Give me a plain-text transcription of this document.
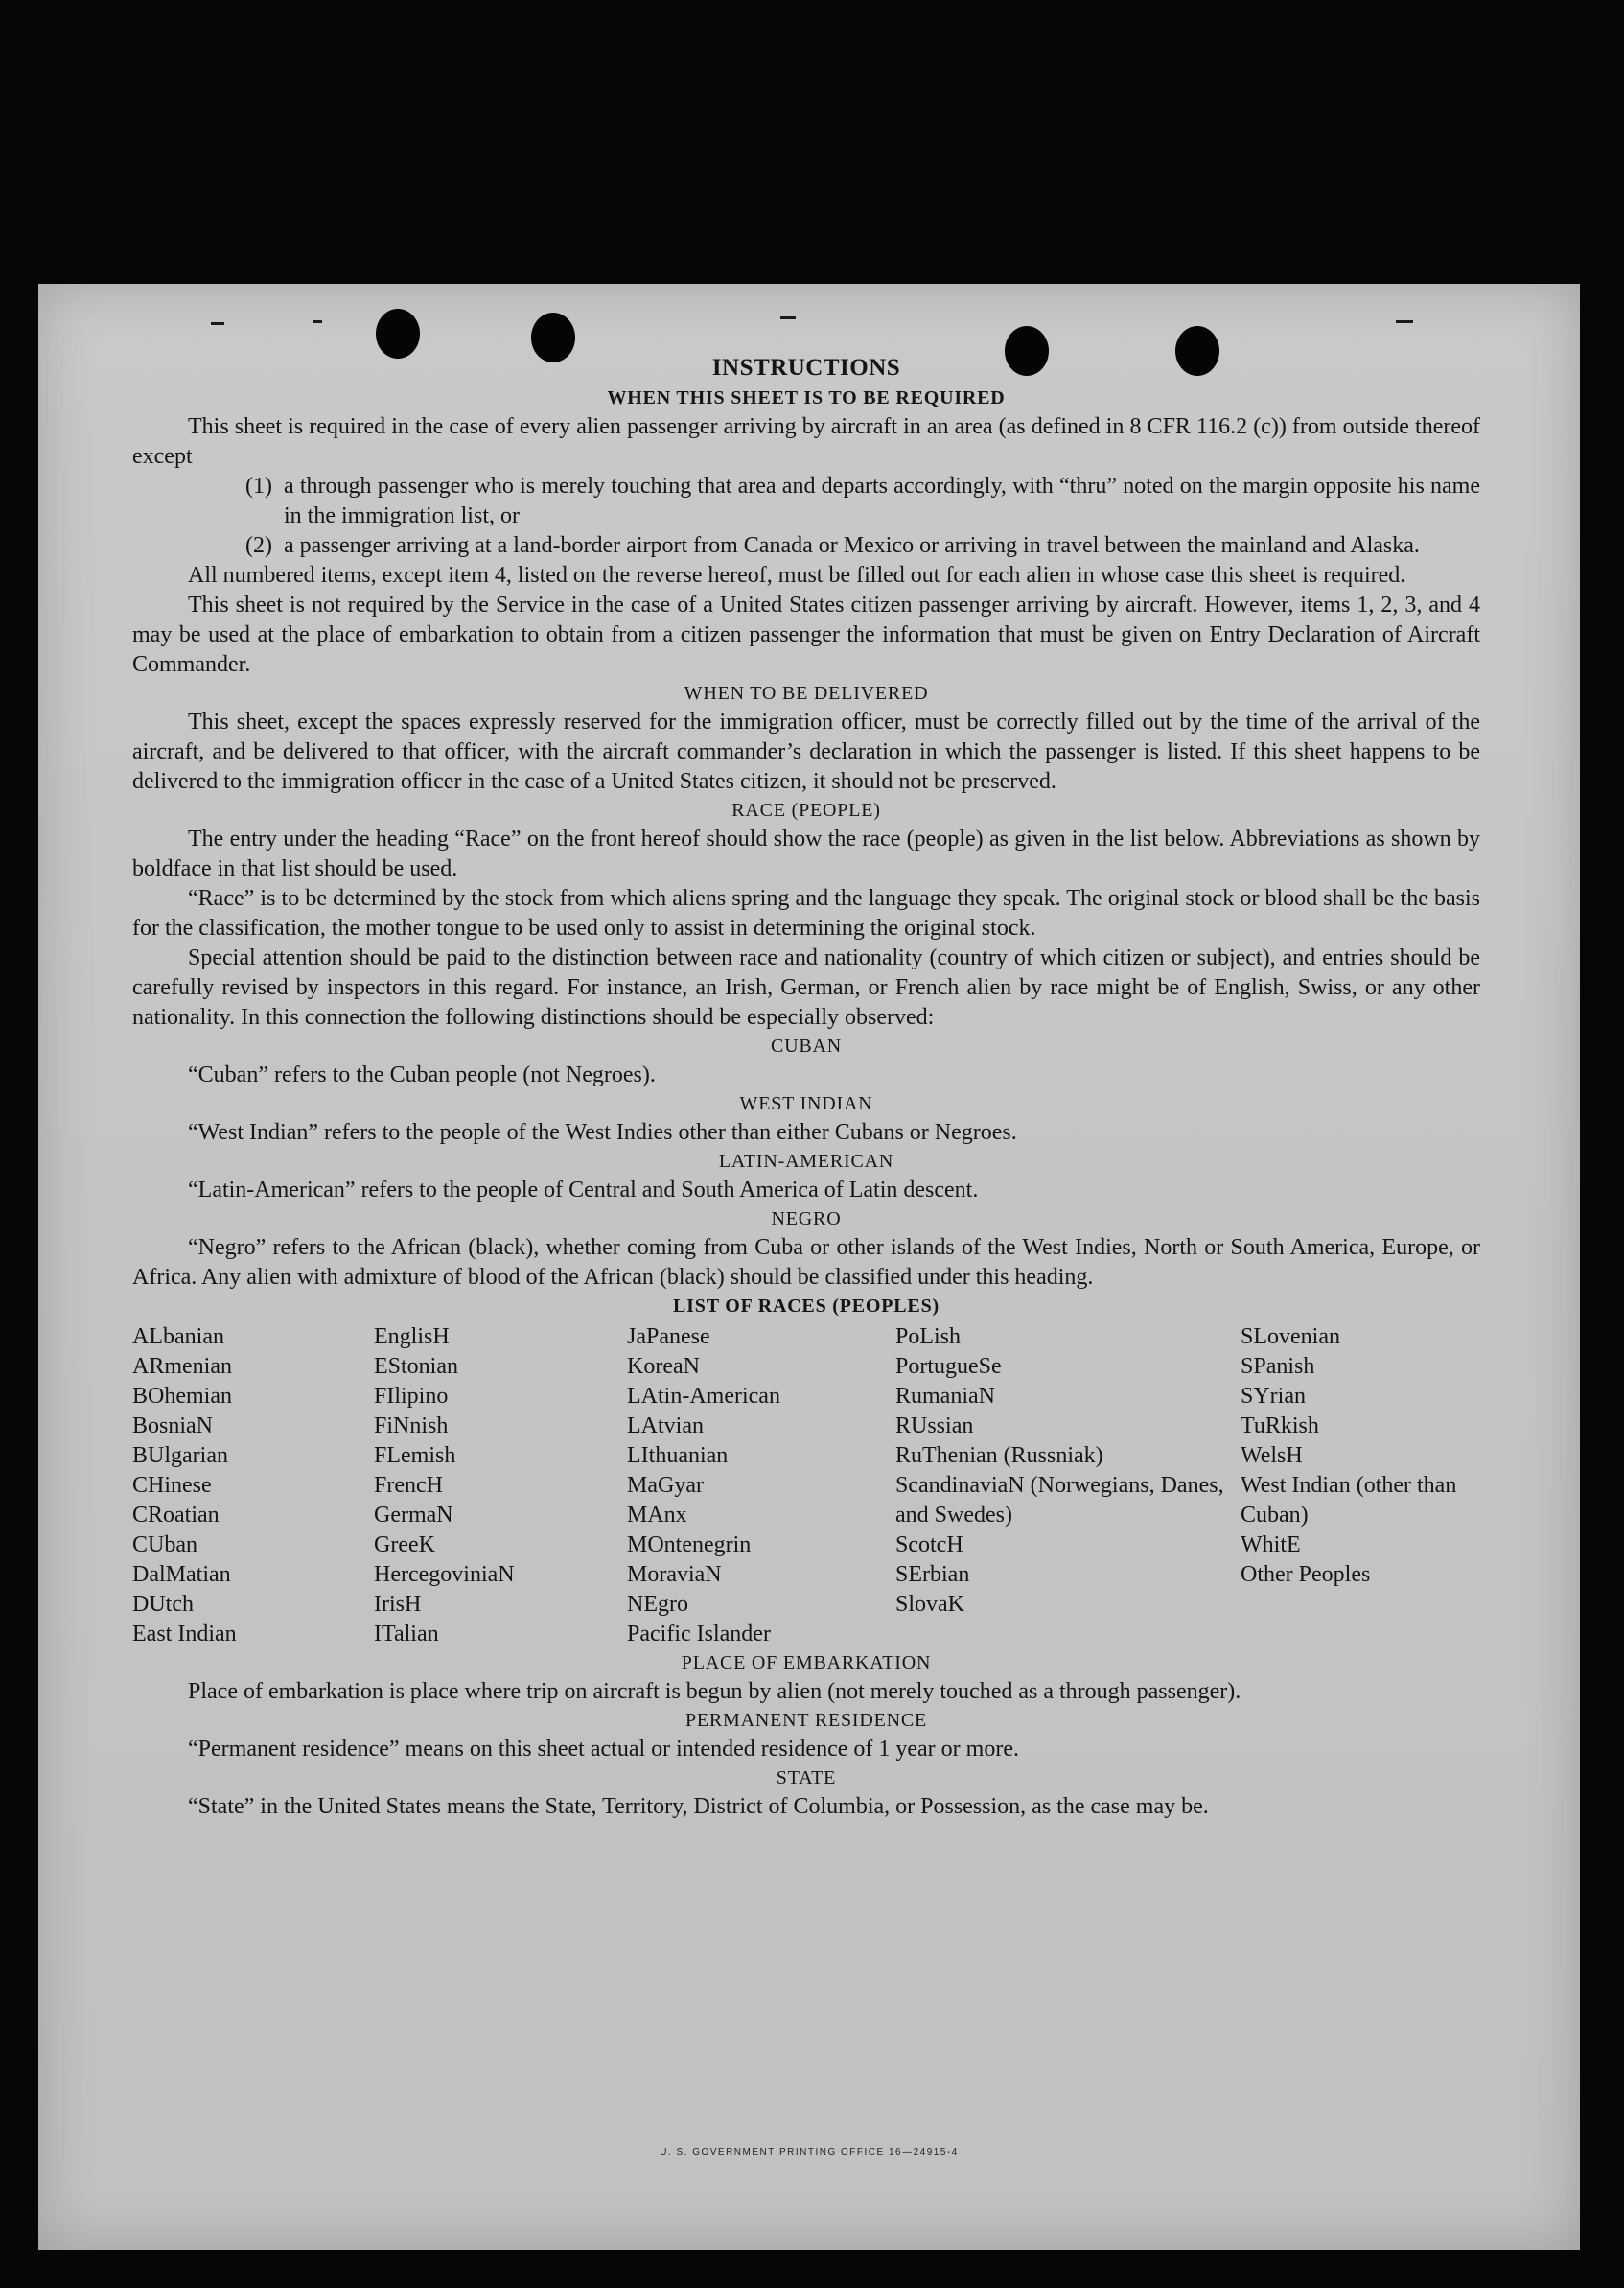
INSTRUCTIONS
WHEN THIS SHEET IS TO BE REQUIRED
This sheet is required in the case of every alien passenger arriving by aircraft in an area (as defined in 8 CFR 116.2 (c)) from outside thereof except
(1) a through passenger who is merely touching that area and departs accordingly, with “thru” noted on the margin opposite his name in the immigration list, or
(2) a passenger arriving at a land-border airport from Canada or Mexico or arriving in travel between the mainland and Alaska.
All numbered items, except item 4, listed on the reverse hereof, must be filled out for each alien in whose case this sheet is required.
This sheet is not required by the Service in the case of a United States citizen passenger arriving by aircraft. However, items 1, 2, 3, and 4 may be used at the place of embarkation to obtain from a citizen passenger the information that must be given on Entry Declaration of Aircraft Commander.
WHEN TO BE DELIVERED
This sheet, except the spaces expressly reserved for the immigration officer, must be correctly filled out by the time of the arrival of the aircraft, and be delivered to that officer, with the aircraft commander’s declaration in which the passenger is listed. If this sheet happens to be delivered to the immigration officer in the case of a United States citizen, it should not be preserved.
RACE (PEOPLE)
The entry under the heading “Race” on the front hereof should show the race (people) as given in the list below. Abbreviations as shown by boldface in that list should be used.
“Race” is to be determined by the stock from which aliens spring and the language they speak. The original stock or blood shall be the basis for the classification, the mother tongue to be used only to assist in determining the original stock.
Special attention should be paid to the distinction between race and nationality (country of which citizen or subject), and entries should be carefully revised by inspectors in this regard. For instance, an Irish, German, or French alien by race might be of English, Swiss, or any other nationality. In this connection the following distinctions should be especially observed:
CUBAN
“Cuban” refers to the Cuban people (not Negroes).
WEST INDIAN
“West Indian” refers to the people of the West Indies other than either Cubans or Negroes.
LATIN-AMERICAN
“Latin-American” refers to the people of Central and South America of Latin descent.
NEGRO
“Negro” refers to the African (black), whether coming from Cuba or other islands of the West Indies, North or South America, Europe, or Africa. Any alien with admixture of blood of the African (black) should be classified under this heading.
LIST OF RACES (PEOPLES)
ALbanian
ARmenian
BOhemian
BosniaN
BUlgarian
CHinese
CRoatian
CUban
DalMatian
DUtch
East Indian
EnglisH
EStonian
FIlipino
FiNnish
FLemish
FrencH
GermaN
GreeK
HercegoviniaN
IrisH
ITalian
JaPanese
KoreaN
LAtin-American
LAtvian
LIthuanian
MaGyar
MAnx
MOntenegrin
MoraviaN
NEgro
Pacific Islander
PoLish
PortugueSe
RumaniaN
RUssian
RuThenian (Russniak)
ScandinaviaN (Norwegians, Danes, and Swedes)
ScotcH
SErbian
SlovaK
SLovenian
SPanish
SYrian
TuRkish
WelsH
West Indian (other than Cuban)
WhitE
Other Peoples
PLACE OF EMBARKATION
Place of embarkation is place where trip on aircraft is begun by alien (not merely touched as a through passenger).
PERMANENT RESIDENCE
“Permanent residence” means on this sheet actual or intended residence of 1 year or more.
STATE
“State” in the United States means the State, Territory, District of Columbia, or Possession, as the case may be.
U. S. GOVERNMENT PRINTING OFFICE 16—24915-4
